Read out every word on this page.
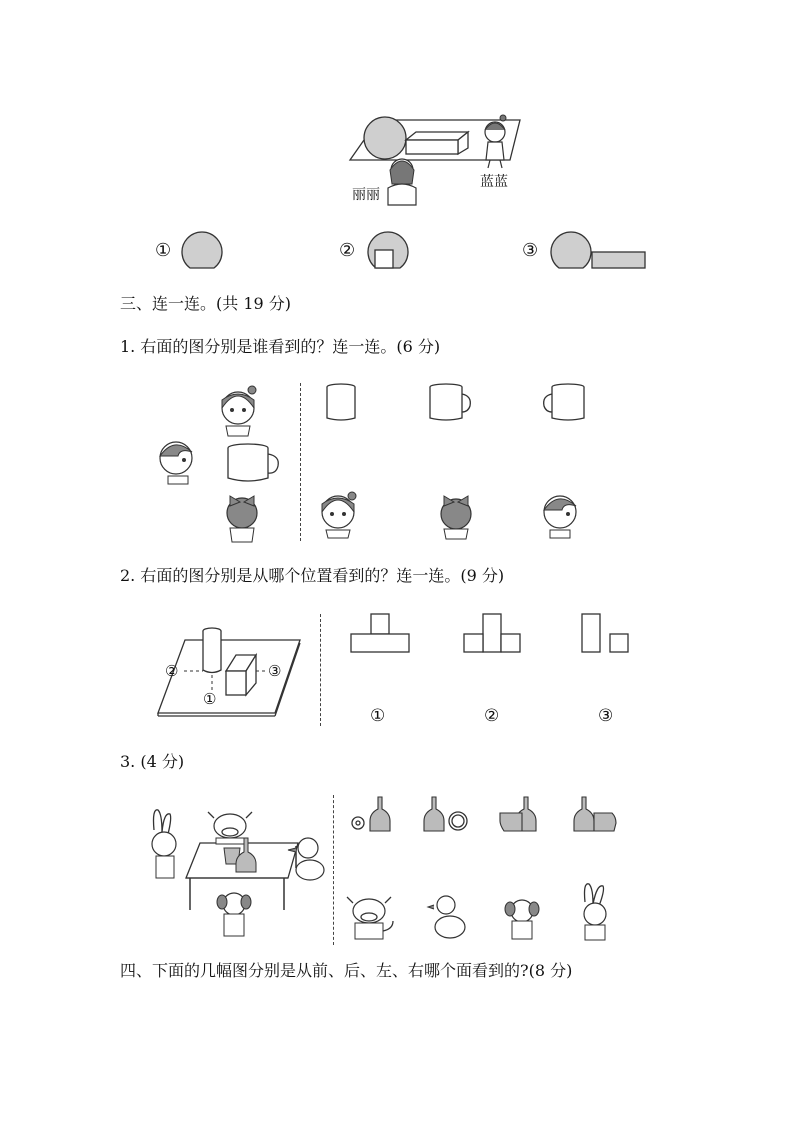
丽丽
蓝蓝
①	②	③
三、连一连。(共 19 分)
1. 右面的图分别是谁看到的？连一连。(6 分)
2. 右面的图分别是从哪个位置看到的？连一连。(9 分)
②
①
③
①	②	③
3. (4 分)
四、下面的几幅图分别是从前、后、左、右哪个面看到的?(8 分)
